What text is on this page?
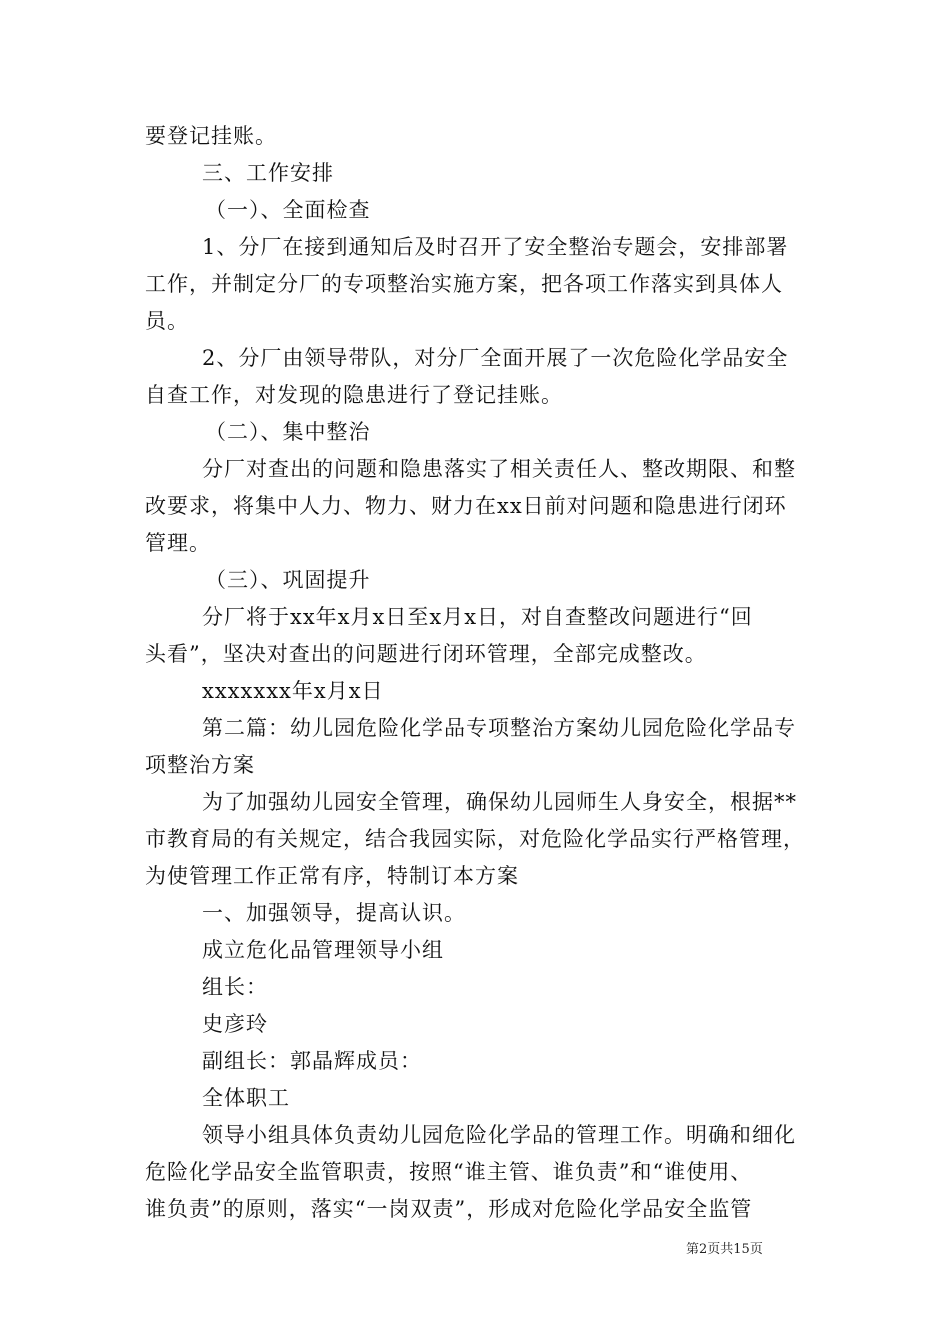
要登记挂账。
三、工作安排
（一）、全面检查
1、分厂在接到通知后及时召开了安全整治专题会，安排部署
工作，并制定分厂的专项整治实施方案，把各项工作落实到具体人
员。
2、分厂由领导带队，对分厂全面开展了一次危险化学品安全
自查工作，对发现的隐患进行了登记挂账。
（二）、集中整治
分厂对查出的问题和隐患落实了相关责任人、整改期限、和整
改要求，将集中人力、物力、财力在xx日前对问题和隐患进行闭环
管理。
（三）、巩固提升
分厂将于xx年x月x日至x月x日，对自查整改问题进行“回
头看”，坚决对查出的问题进行闭环管理，全部完成整改。
xxxxxxx年x月x日
第二篇：幼儿园危险化学品专项整治方案幼儿园危险化学品专
项整治方案
为了加强幼儿园安全管理，确保幼儿园师生人身安全，根据**
市教育局的有关规定，结合我园实际，对危险化学品实行严格管理，
为使管理工作正常有序，特制订本方案
一、加强领导，提高认识。
成立危化品管理领导小组
组长：
史彦玲
副组长：郭晶辉成员：
全体职工
领导小组具体负责幼儿园危险化学品的管理工作。明确和细化
危险化学品安全监管职责，按照“谁主管、谁负责”和“谁使用、
谁负责”的原则，落实“一岗双责”，形成对危险化学品安全监管
第2页共15页
